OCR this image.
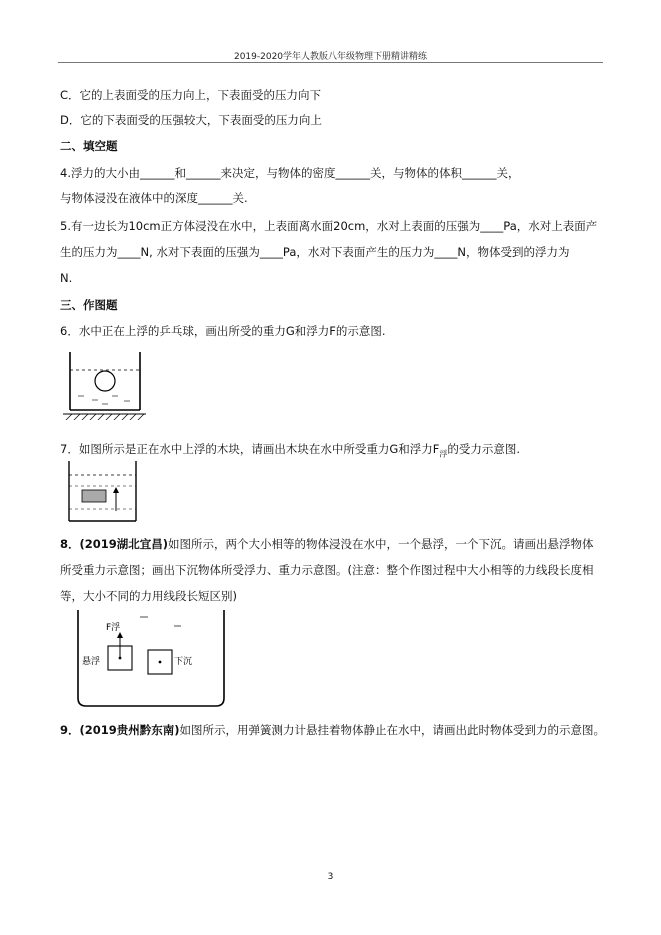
2019-2020学年人教版八年级物理下册精讲精练
C．它的上表面受的压力向上，下表面受的压力向下
D．它的下表面受的压强较大，下表面受的压力向上
二、填空题
4.浮力的大小由______和______来决定，与物体的密度______关，与物体的体积______关，
与物体浸没在液体中的深度______关.
5.有一边长为10cm正方体浸没在水中，上表面离水面20cm，水对上表面的压强为____Pa，水对上表面产
生的压力为____N, 水对下表面的压强为____Pa，水对下表面产生的压力为____N，物体受到的浮力为
N.
三、作图题
6．水中正在上浮的乒乓球，画出所受的重力G和浮力F的示意图.
7．如图所示是正在水中上浮的木块，请画出木块在水中所受重力G和浮力$F_浮$的受力示意图.
8．(2019湖北宜昌)如图所示，两个大小相等的物体浸没在水中，一个悬浮，一个下沉。请画出悬浮物体
所受重力示意图；画出下沉物体所受浮力、重力示意图。(注意：整个作图过程中大小相等的力线段长度相
等，大小不同的力用线段长短区别)
F浮
悬浮	下沉
9．(2019贵州黔东南)如图所示，用弹簧测力计悬挂着物体静止在水中，请画出此时物体受到力的示意图。
3
